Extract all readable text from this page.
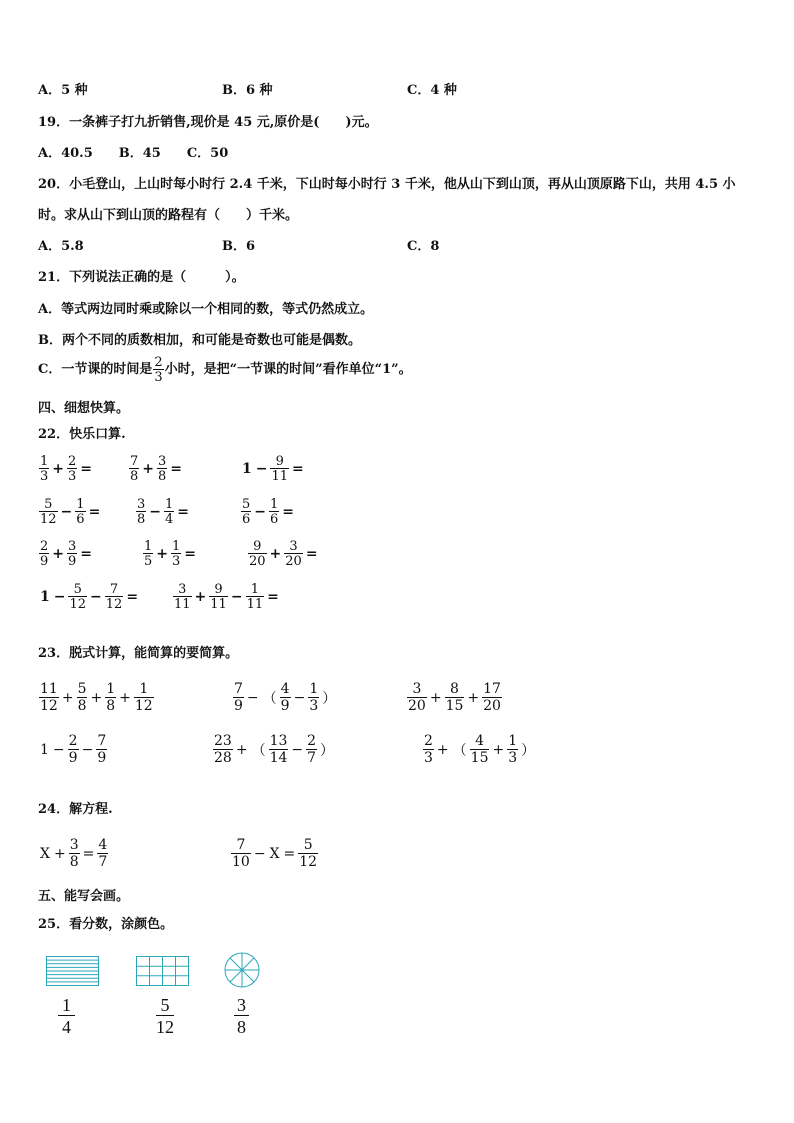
A．5 种	B．6 种	C．4 种
19．一条裤子打九折销售,现价是 45 元,原价是(　　)元。
A．40.5　　B．45　　C．50
20．小毛登山，上山时每小时行 2.4 千米，下山时每小时行 3 千米，他从山下到山顶，再从山顶原路下山，共用 4.5 小
时。求从山下到山顶的路程有（　　）千米。
A．5.8	B．6	C．8
21．下列说法正确的是（　　　）。
A．等式两边同时乘或除以一个相同的数，等式仍然成立。
B．两个不同的质数相加，和可能是奇数也可能是偶数。
C．一节课的时间是 $\frac{2}{3}$ 小时，是把“一节课的时间”看作单位“1”。
四、细想快算。
22．快乐口算.
$\frac{1}{3} + \frac{2}{3}$ =	$\frac{7}{8} + \frac{3}{8}$ =	$1 - \frac{9}{11}$ =
$\frac{5}{12} - \frac{1}{6}$ =	$\frac{3}{8} - \frac{1}{4}$ =	$\frac{5}{6} - \frac{1}{6}$ =
$\frac{2}{9} + \frac{3}{9}$ =	$\frac{1}{5} + \frac{1}{3}$ =	$\frac{9}{20} + \frac{3}{20}$ =
$1 - \frac{5}{12} - \frac{7}{12}$ =	$\frac{3}{11} + \frac{9}{11} - \frac{1}{11}$ =
23．脱式计算，能简算的要简算。
$\frac{11}{12} + \frac{5}{8} + \frac{1}{8} + \frac{1}{12}$	$\frac{7}{9}$ − （ $\frac{4}{9} - \frac{1}{3}$ ）	$\frac{3}{20} + \frac{8}{15} + \frac{17}{20}$
$1 - \frac{2}{9} - \frac{7}{9}$	$\frac{23}{28}$ + （ $\frac{13}{14} - \frac{2}{7}$ ）	$\frac{2}{3}$ + （ $\frac{4}{15} + \frac{1}{3}$ ）
24．解方程.
$X + \frac{3}{8} = \frac{4}{7}$	$\frac{7}{10} - X = \frac{5}{12}$
五、能写会画。
25．看分数，涂颜色。
$\frac{1}{4}$	$\frac{5}{12}$	$\frac{3}{8}$
